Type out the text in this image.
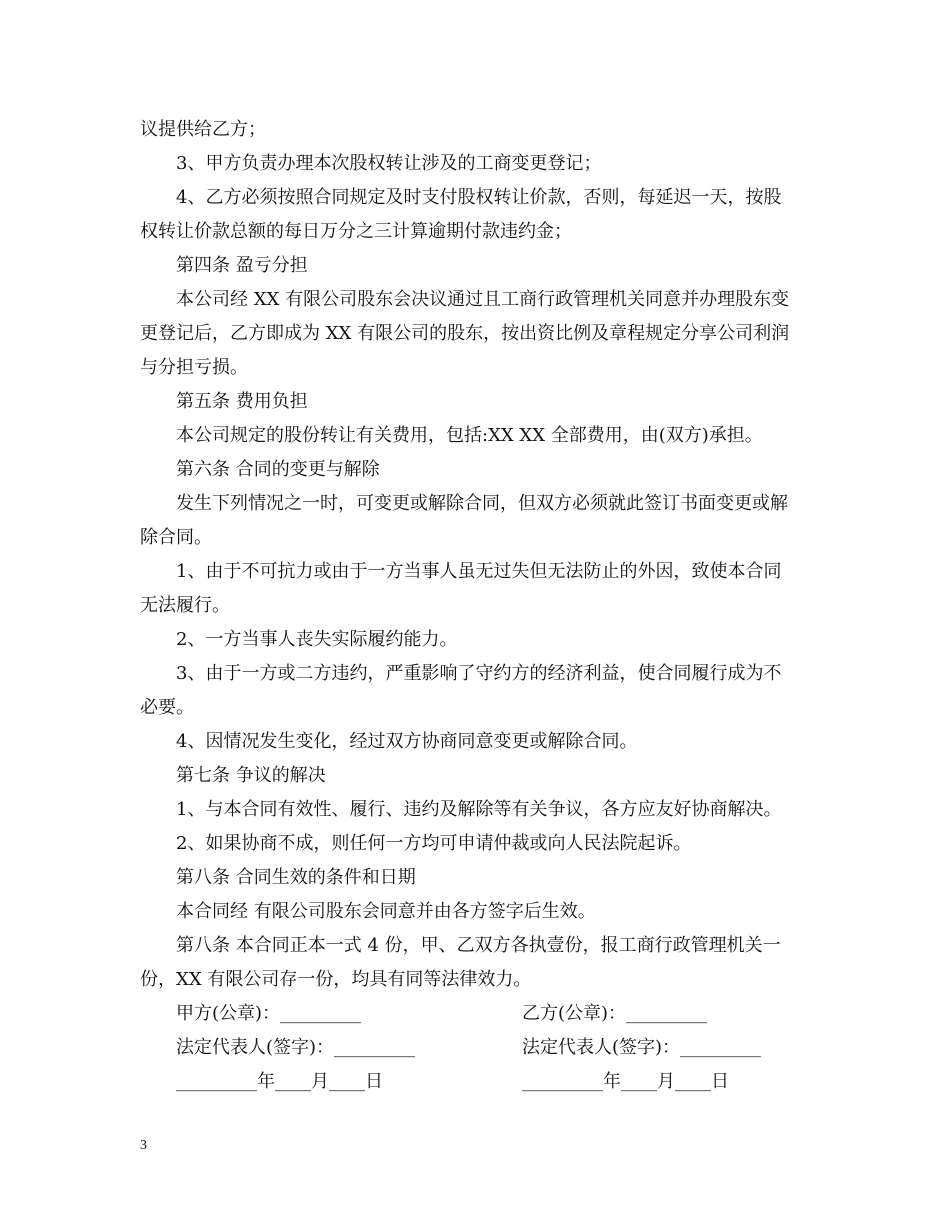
议提供给乙方；
3、甲方负责办理本次股权转让涉及的工商变更登记；
4、乙方必须按照合同规定及时支付股权转让价款，否则，每延迟一天，按股
权转让价款总额的每日万分之三计算逾期付款违约金；
第四条 盈亏分担
本公司经 XX 有限公司股东会决议通过且工商行政管理机关同意并办理股东变
更登记后，乙方即成为 XX 有限公司的股东，按出资比例及章程规定分享公司利润
与分担亏损。
第五条 费用负担
本公司规定的股份转让有关费用，包括:XX XX 全部费用，由(双方)承担。
第六条 合同的变更与解除
发生下列情况之一时，可变更或解除合同，但双方必须就此签订书面变更或解
除合同。
1、由于不可抗力或由于一方当事人虽无过失但无法防止的外因，致使本合同
无法履行。
2、一方当事人丧失实际履约能力。
3、由于一方或二方违约，严重影响了守约方的经济利益，使合同履行成为不
必要。
4、因情况发生变化，经过双方协商同意变更或解除合同。
第七条 争议的解决
1、与本合同有效性、履行、违约及解除等有关争议，各方应友好协商解决。
2、如果协商不成，则任何一方均可申请仲裁或向人民法院起诉。
第八条 合同生效的条件和日期
本合同经 有限公司股东会同意并由各方签字后生效。
第八条 本合同正本一式 4 份，甲、乙双方各执壹份，报工商行政管理机关一
份，XX 有限公司存一份，均具有同等法律效力。
甲方(公章)：_________	乙方(公章)：_________
法定代表人(签字)：_________	法定代表人(签字)：_________
_________年____月____日	_________年____月____日
3
